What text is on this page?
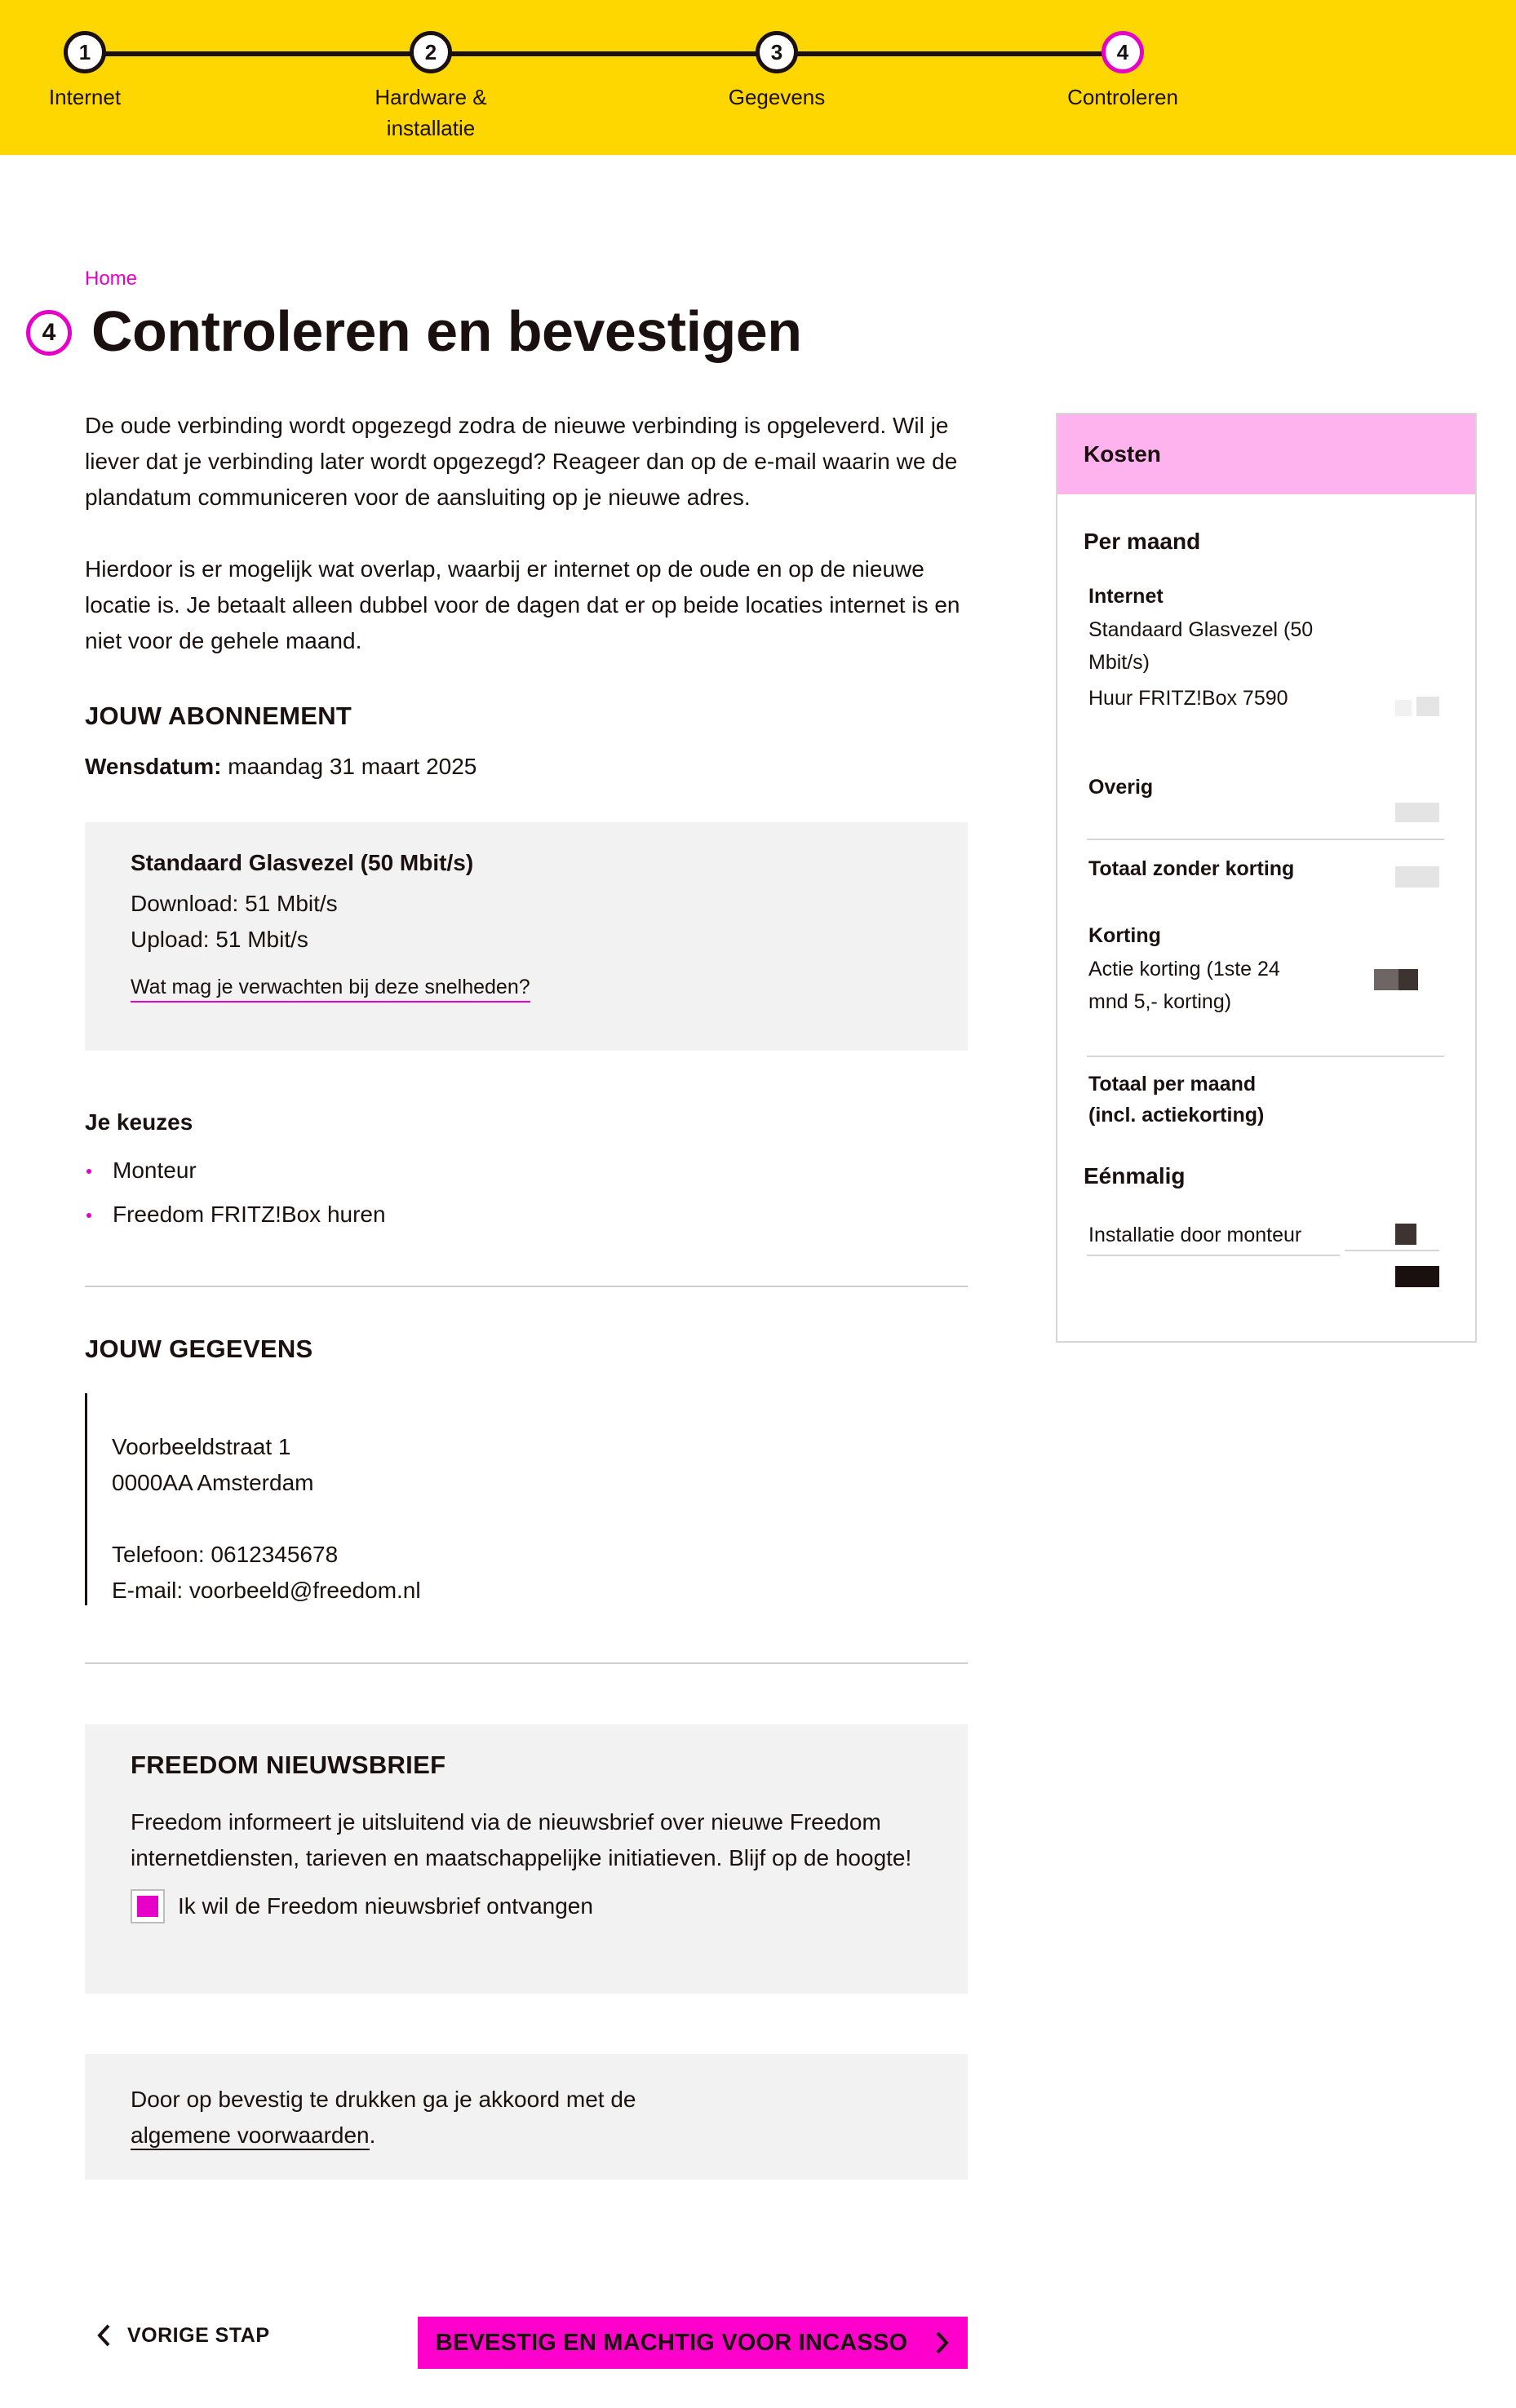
1
Internet
2
Hardware &
installatie
3
Gegevens
4
Controleren
Home
4 Controleren en bevestigen

De oude verbinding wordt opgezegd zodra de nieuwe verbinding is opgeleverd. Wil je liever dat je verbinding later wordt opgezegd? Reageer dan op de e-mail waarin we de plandatum communiceren voor de aansluiting op je nieuwe adres.

Hierdoor is er mogelijk wat overlap, waarbij er internet op de oude en op de nieuwe locatie is. Je betaalt alleen dubbel voor de dagen dat er op beide locaties internet is en niet voor de gehele maand.

JOUW ABONNEMENT
Wensdatum: maandag 31 maart 2025
Standaard Glasvezel (50 Mbit/s)
Download: 51 Mbit/s
Upload: 51 Mbit/s
Wat mag je verwachten bij deze snelheden?
Je keuzes
Monteur
Freedom FRITZ!Box huren
JOUW GEGEVENS
Voorbeeldstraat 1
0000AA Amsterdam
Telefoon: 0612345678
E-mail: voorbeeld@freedom.nl
FREEDOM NIEUWSBRIEF

Freedom informeert je uitsluitend via de nieuwsbrief over nieuwe Freedom internetdiensten, tarieven en maatschappelijke initiatieven. Blijf op de hoogte!

Ik wil de Freedom nieuwsbrief ontvangen

Door op bevestig te drukken ga je akkoord met de
algemene voorwaarden.

VORIGE STAP	BEVESTIG EN MACHTIG VOOR INCASSO
Kosten
Per maand
Internet
Standaard Glasvezel (50
Mbit/s)
Huur FRITZ!Box 7590
Overig
Totaal zonder korting
Korting
Actie korting (1ste 24
mnd 5,- korting)
Totaal per maand
(incl. actiekorting)
Eénmalig
Installatie door monteur
